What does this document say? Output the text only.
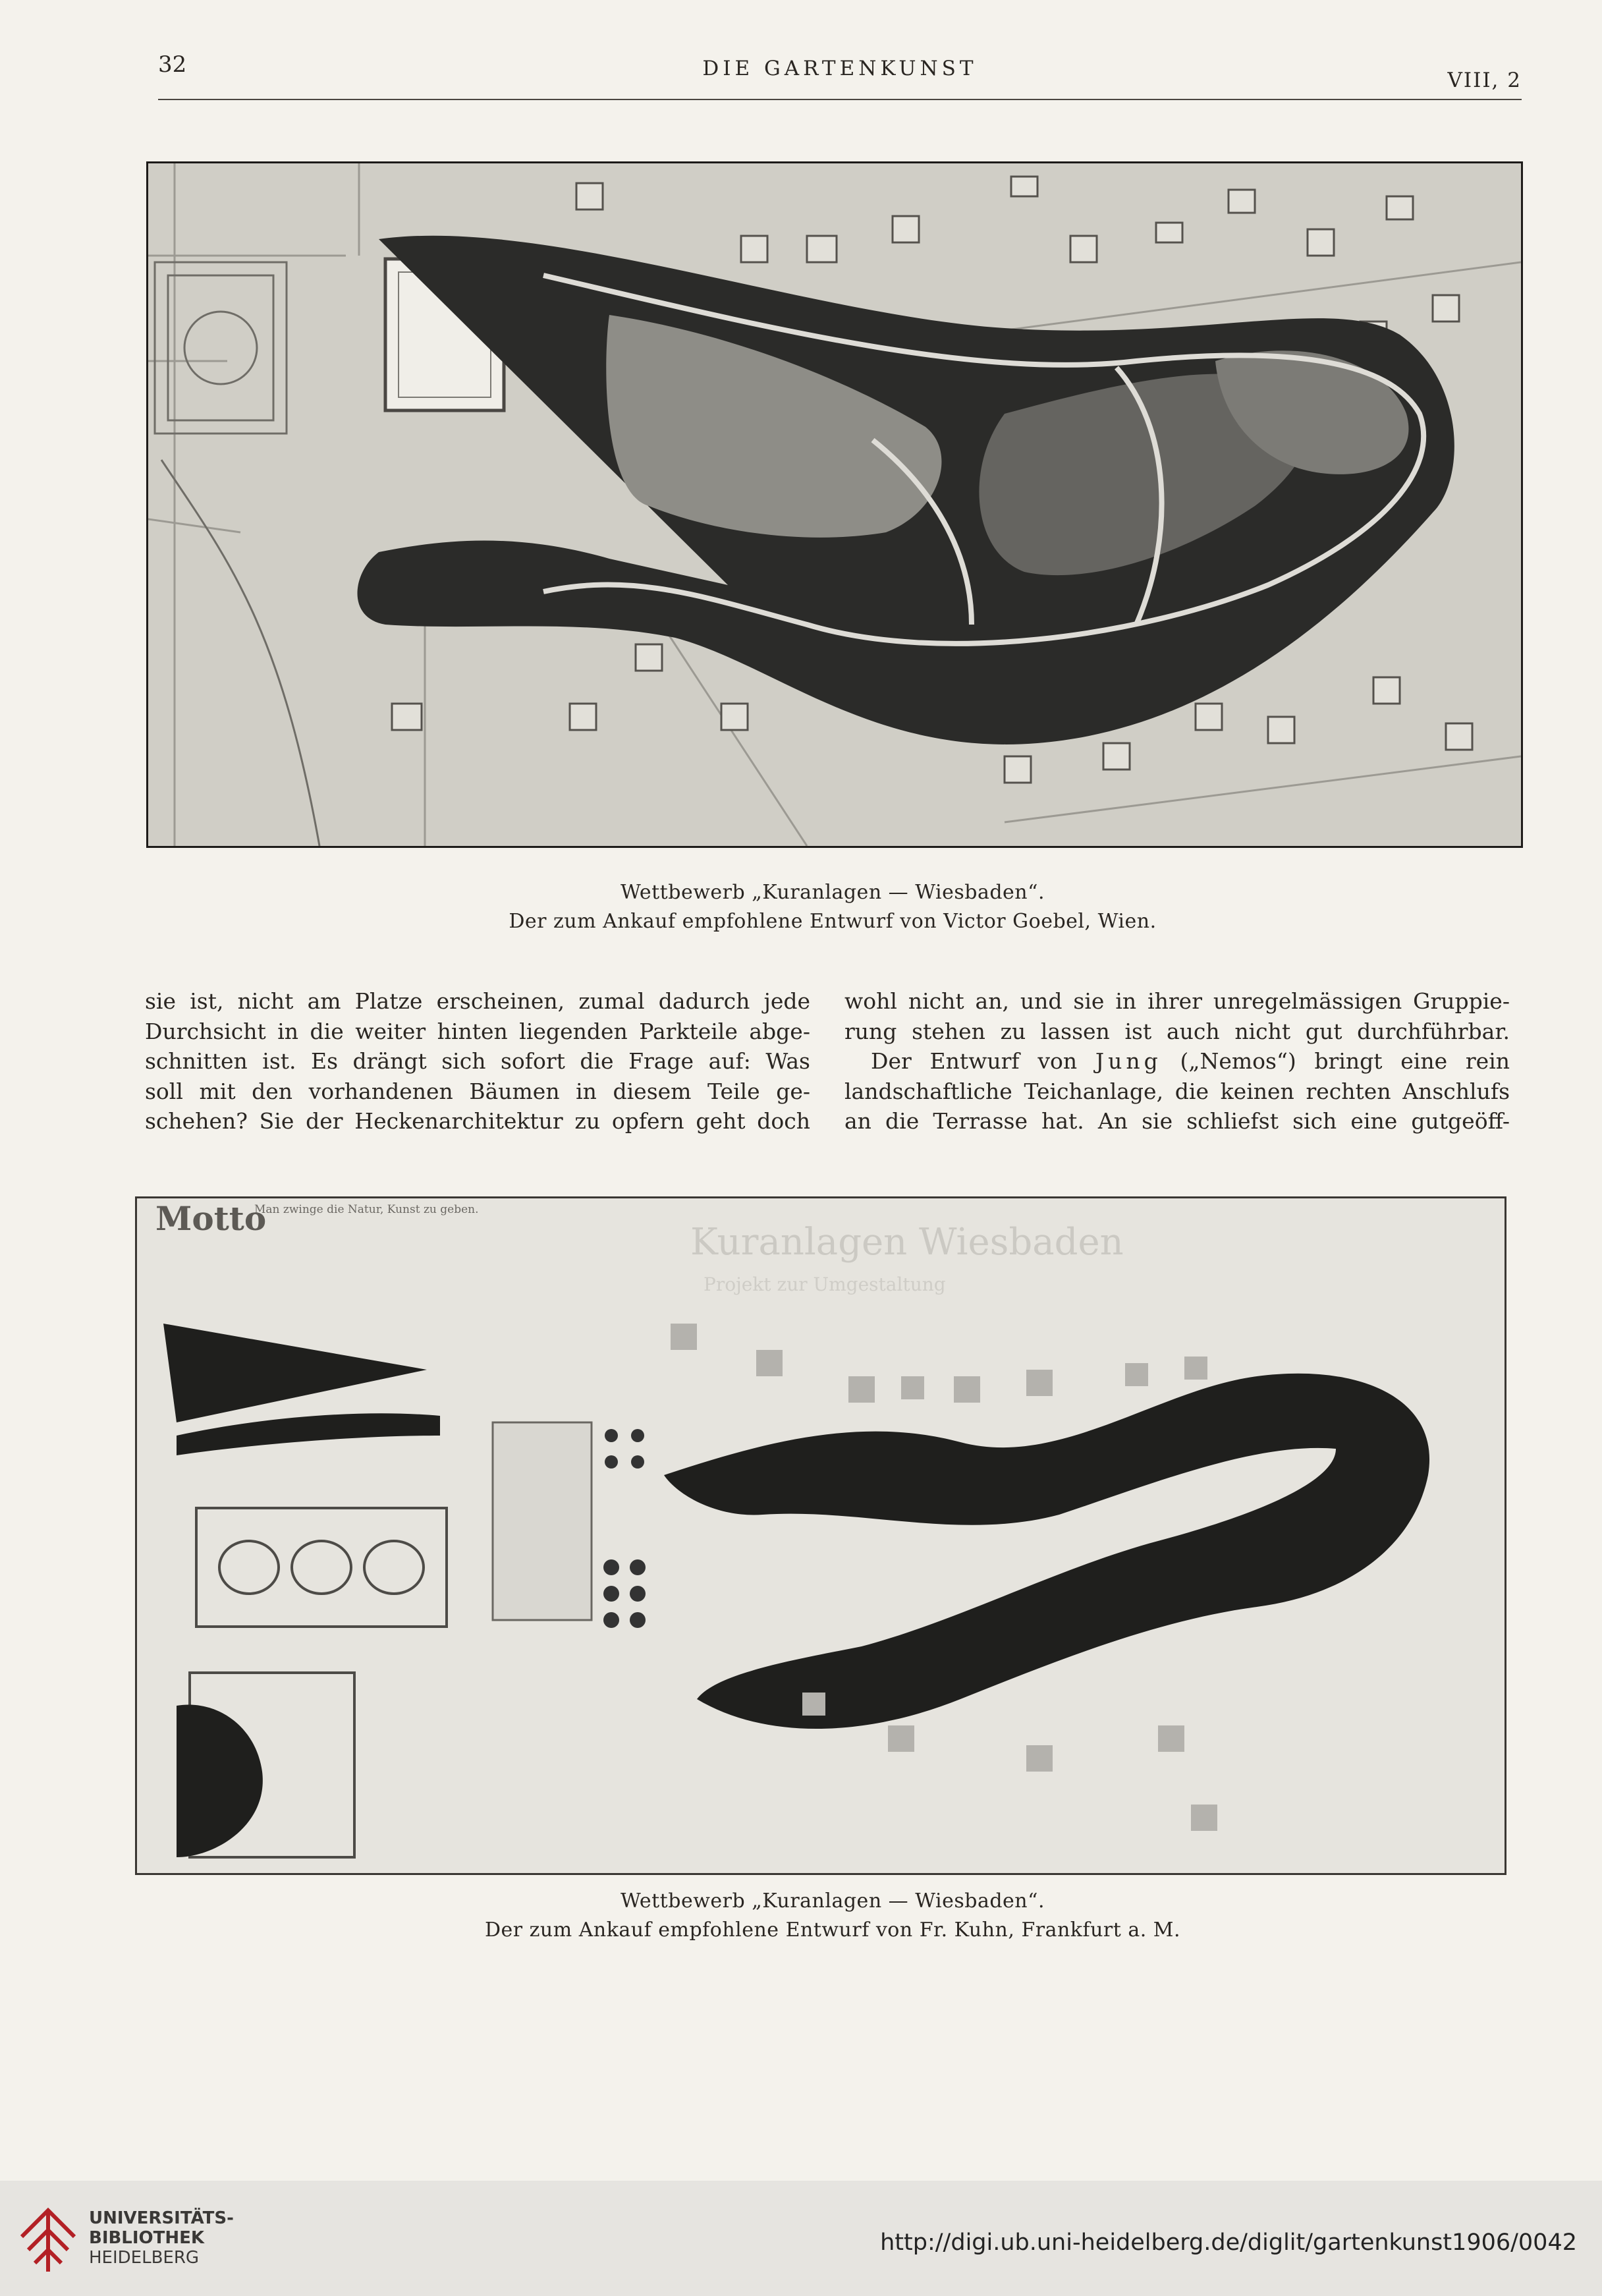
32	DIE GARTENKUNST	VIII, 2
Wettbewerb „Kuranlagen — Wiesbaden“.
Der zum Ankauf empfohlene Entwurf von Victor Goebel, Wien.

sie ist, nicht am Platze erscheinen, zumal dadurch jede

Durchsicht in die weiter hinten liegenden Parkteile abge-

schnitten ist. Es drängt sich sofort die Frage auf: Was

soll mit den vorhandenen Bäumen in diesem Teile ge-

schehen? Sie der Heckenarchitektur zu opfern geht doch

wohl nicht an, und sie in ihrer unregelmässigen Gruppie-

rung stehen zu lassen ist auch nicht gut durchführbar.

Der Entwurf von Jung („Nemos“) bringt eine rein

landschaftliche Teichanlage, die keinen rechten Anschlufs

an die Terrasse hat. An sie schliefst sich eine gutgeöff-

Motto
Man zwinge die Natur, Kunst zu geben.
Kuranlagen Wiesbaden
Projekt zur Umgestaltung
Wettbewerb „Kuranlagen — Wiesbaden“.
Der zum Ankauf empfohlene Entwurf von Fr. Kuhn, Frankfurt a. M.
UNIVERSITÄTS-
BIBLIOTHEK
HEIDELBERG
http://digi.ub.uni-heidelberg.de/diglit/gartenkunst1906/0042
